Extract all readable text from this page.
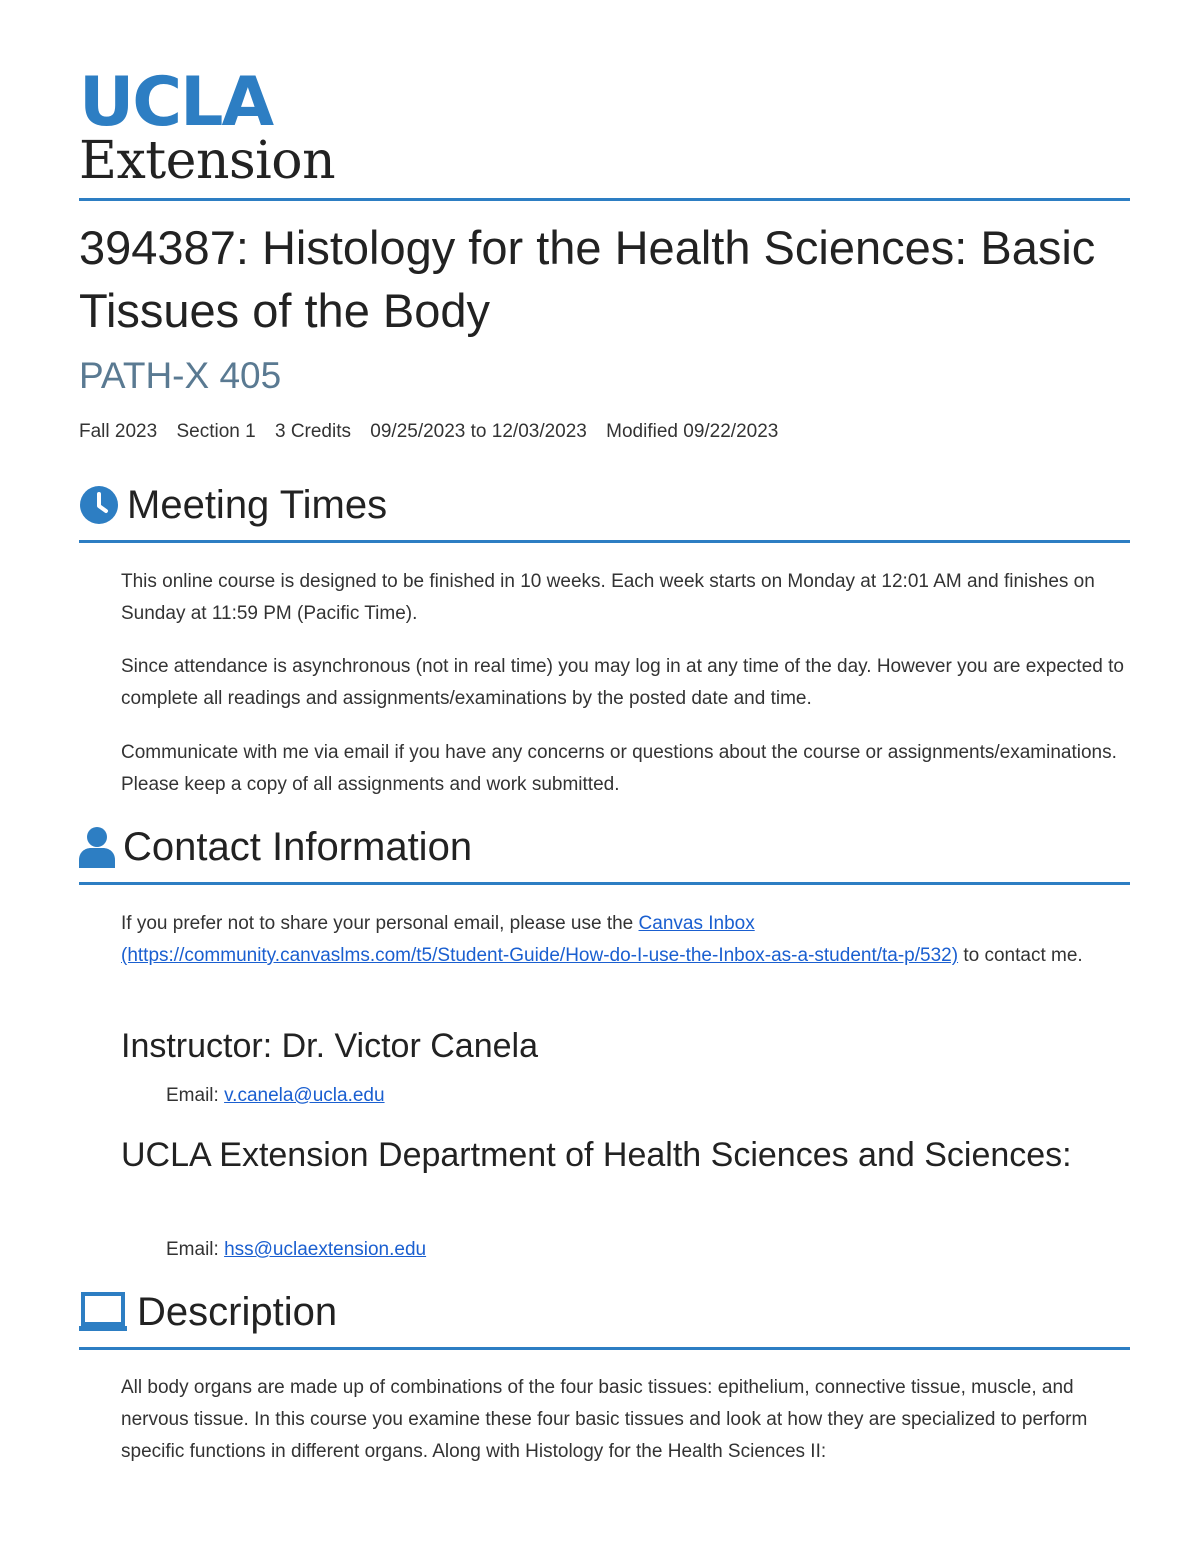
UCLA
Extension
394387: Histology for the Health Sciences: Basic Tissues of the Body
PATH-X 405
Fall 2023 Section 1 3 Credits 09/25/2023 to 12/03/2023 Modified 09/22/2023
Meeting Times

This online course is designed to be finished in 10 weeks. Each week starts on Monday at 12:01 AM and finishes on Sunday at 11:59 PM (Pacific Time).

Since attendance is asynchronous (not in real time) you may log in at any time of the day. However you are expected to complete all readings and assignments/examinations by the posted date and time.

Communicate with me via email if you have any concerns or questions about the course or assignments/examinations. Please keep a copy of all assignments and work submitted.

Contact Information

If you prefer not to share your personal email, please use the Canvas Inbox
(https://community.canvaslms.com/t5/Student-Guide/How-do-I-use-the-Inbox-as-a-student/ta-p/532) to contact me.

Instructor: Dr. Victor Canela
Email: v.canela@ucla.edu
UCLA Extension Department of Health Sciences and Sciences:
Email: hss@uclaextension.edu
Description

All body organs are made up of combinations of the four basic tissues: epithelium, connective tissue, muscle, and nervous tissue. In this course you examine these four basic tissues and look at how they are specialized to perform specific functions in different organs. Along with Histology for the Health Sciences II:
